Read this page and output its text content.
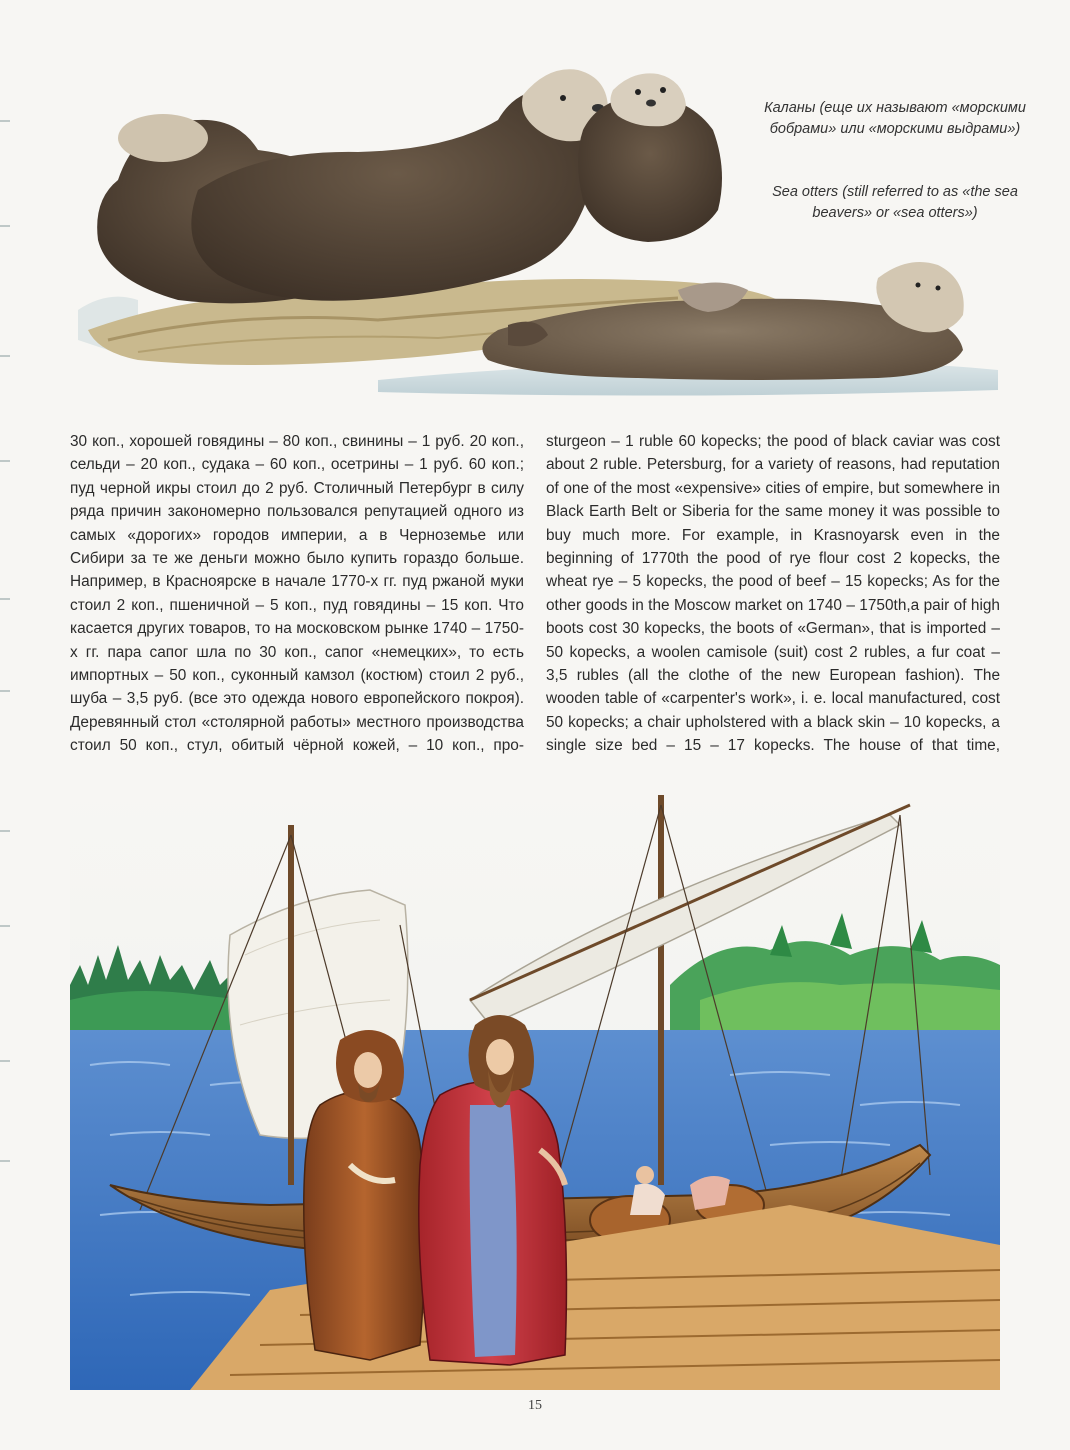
Каланы (еще их называют «морскими бобрами» или «морскими выдрами»)
Sea otters (still referred to as «the sea beavers» or «sea otters»)

30 коп., хорошей говядины – 80 коп., свинины – 1 руб. 20 коп., сельди – 20 коп., судака – 60 коп., осетрины – 1 руб. 60 коп.; пуд черной икры стоил до 2 руб. Столичный Петербург в силу ряда причин закономерно пользовался репутацией одного из самых «дорогих» городов империи, а в Черноземье или Сибири за те же деньги можно было купить гораздо больше. Например, в Красноярске в начале 1770-х гг. пуд ржаной муки стоил 2 коп., пшеничной – 5 коп., пуд говядины – 15 коп. Что касается других товаров, то на московском рынке 1740 – 1750-х гг. пара сапог шла по 30 коп., сапог «немецких», то есть импортных – 50 коп., суконный камзол (костюм) стоил 2 руб., шуба – 3,5 руб. (все это одежда нового европейского покроя). Деревянный стол «столярной работы» местного производства стоил 50 коп., стул, обитый чёрной кожей, – 10 коп., про-

sturgeon – 1 ruble 60 kopecks; the pood of black caviar was cost about 2 ruble. Petersburg, for a variety of reasons, had reputation of one of the most «expensive» cities of empire, but somewhere in Black Earth Belt or Siberia for the same money it was possible to buy much more. For example, in Krasnoyarsk even in the beginning of 1770th the pood of rye flour cost 2 kopecks, the wheat rye – 5 kopecks, the pood of beef – 15 kopecks; As for the other goods in the Moscow market on 1740 – 1750th,a pair of high boots cost 30 kopecks, the boots of «German», that is imported – 50 kopecks, a woolen camisole (suit) cost 2 rubles, a fur coat – 3,5 rubles (all the clothe of the new European fashion). The wooden table of «carpenter's work», i. e. local manufactured, cost 50 kopecks; a chair upholstered with a black skin – 10 kopecks, a single size bed – 15 – 17 kopecks. The house of that time,

15
